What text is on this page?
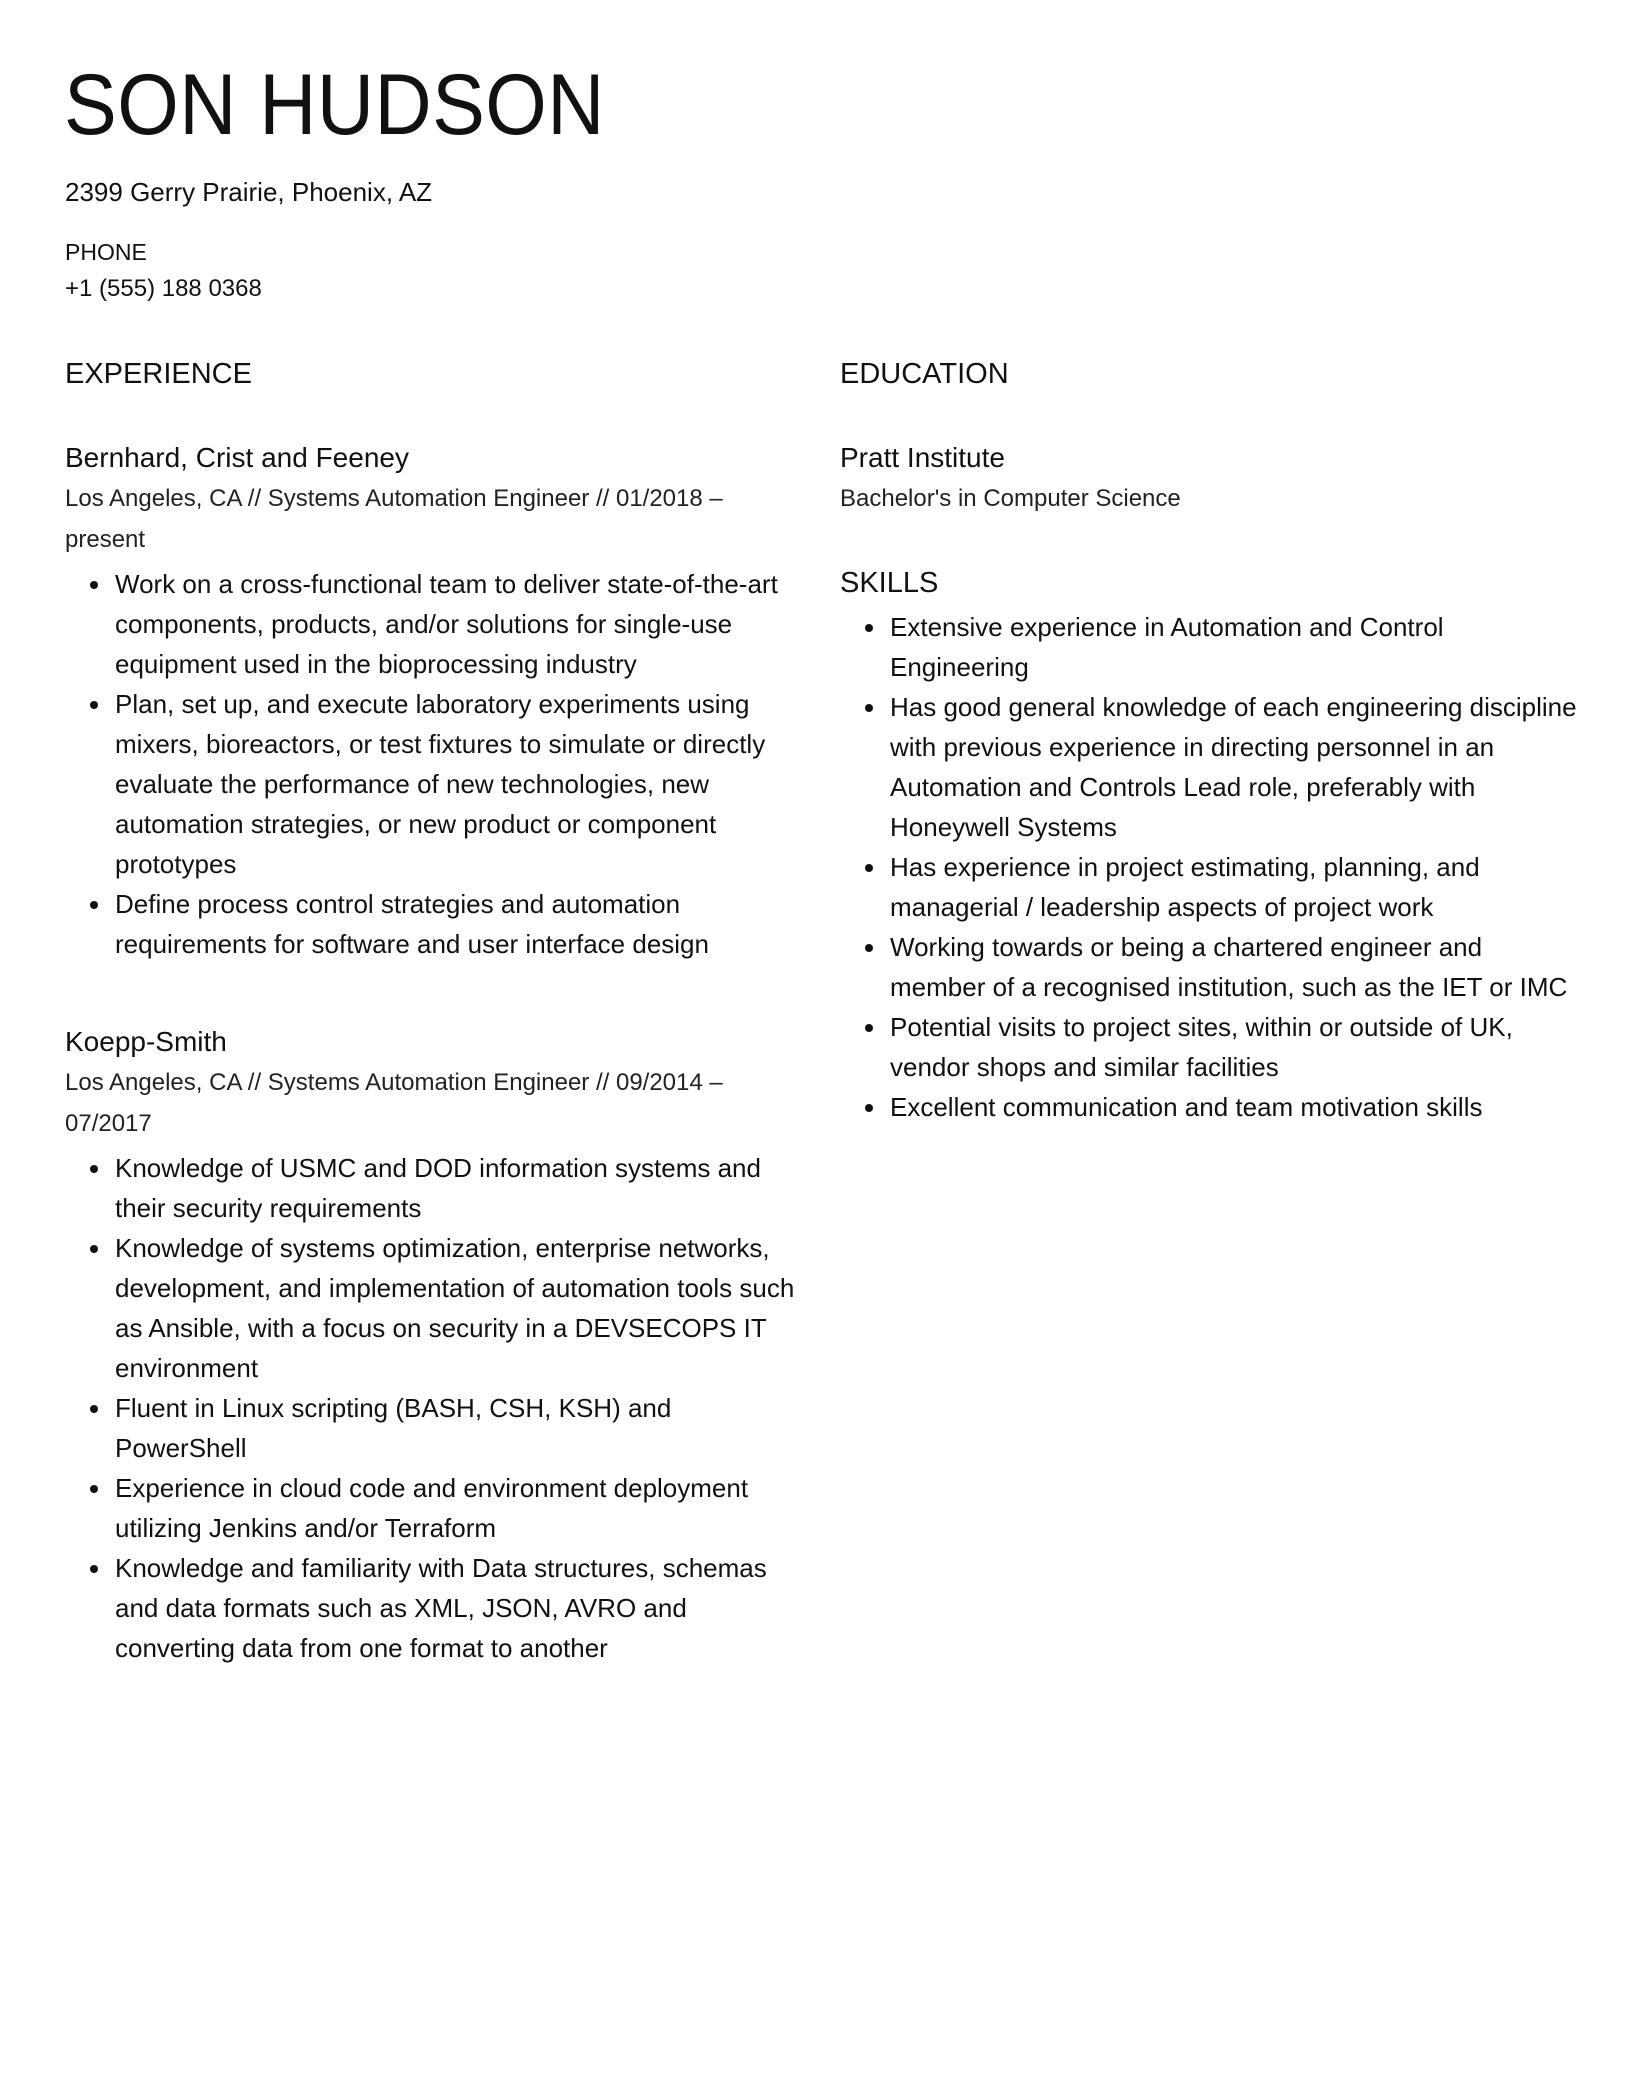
SON HUDSON
2399 Gerry Prairie, Phoenix, AZ
PHONE
+1 (555) 188 0368
EXPERIENCE
Bernhard, Crist and Feeney
Los Angeles, CA // Systems Automation Engineer // 01/2018 – present
• Work on a cross-functional team to deliver state-of-the-art components, products, and/or solutions for single-use equipment used in the bioprocessing industry
• Plan, set up, and execute laboratory experiments using mixers, bioreactors, or test fixtures to simulate or directly evaluate the performance of new technologies, new automation strategies, or new product or component prototypes
• Define process control strategies and automation requirements for software and user interface design
Koepp-Smith
Los Angeles, CA // Systems Automation Engineer // 09/2014 – 07/2017
• Knowledge of USMC and DOD information systems and their security requirements
• Knowledge of systems optimization, enterprise networks, development, and implementation of automation tools such as Ansible, with a focus on security in a DEVSECOPS IT environment
• Fluent in Linux scripting (BASH, CSH, KSH) and PowerShell
• Experience in cloud code and environment deployment utilizing Jenkins and/or Terraform
• Knowledge and familiarity with Data structures, schemas and data formats such as XML, JSON, AVRO and converting data from one format to another
EDUCATION
Pratt Institute
Bachelor's in Computer Science
SKILLS
• Extensive experience in Automation and Control Engineering
• Has good general knowledge of each engineering discipline with previous experience in directing personnel in an Automation and Controls Lead role, preferably with Honeywell Systems
• Has experience in project estimating, planning, and managerial / leadership aspects of project work
• Working towards or being a chartered engineer and member of a recognised institution, such as the IET or IMC
• Potential visits to project sites, within or outside of UK, vendor shops and similar facilities
• Excellent communication and team motivation skills
